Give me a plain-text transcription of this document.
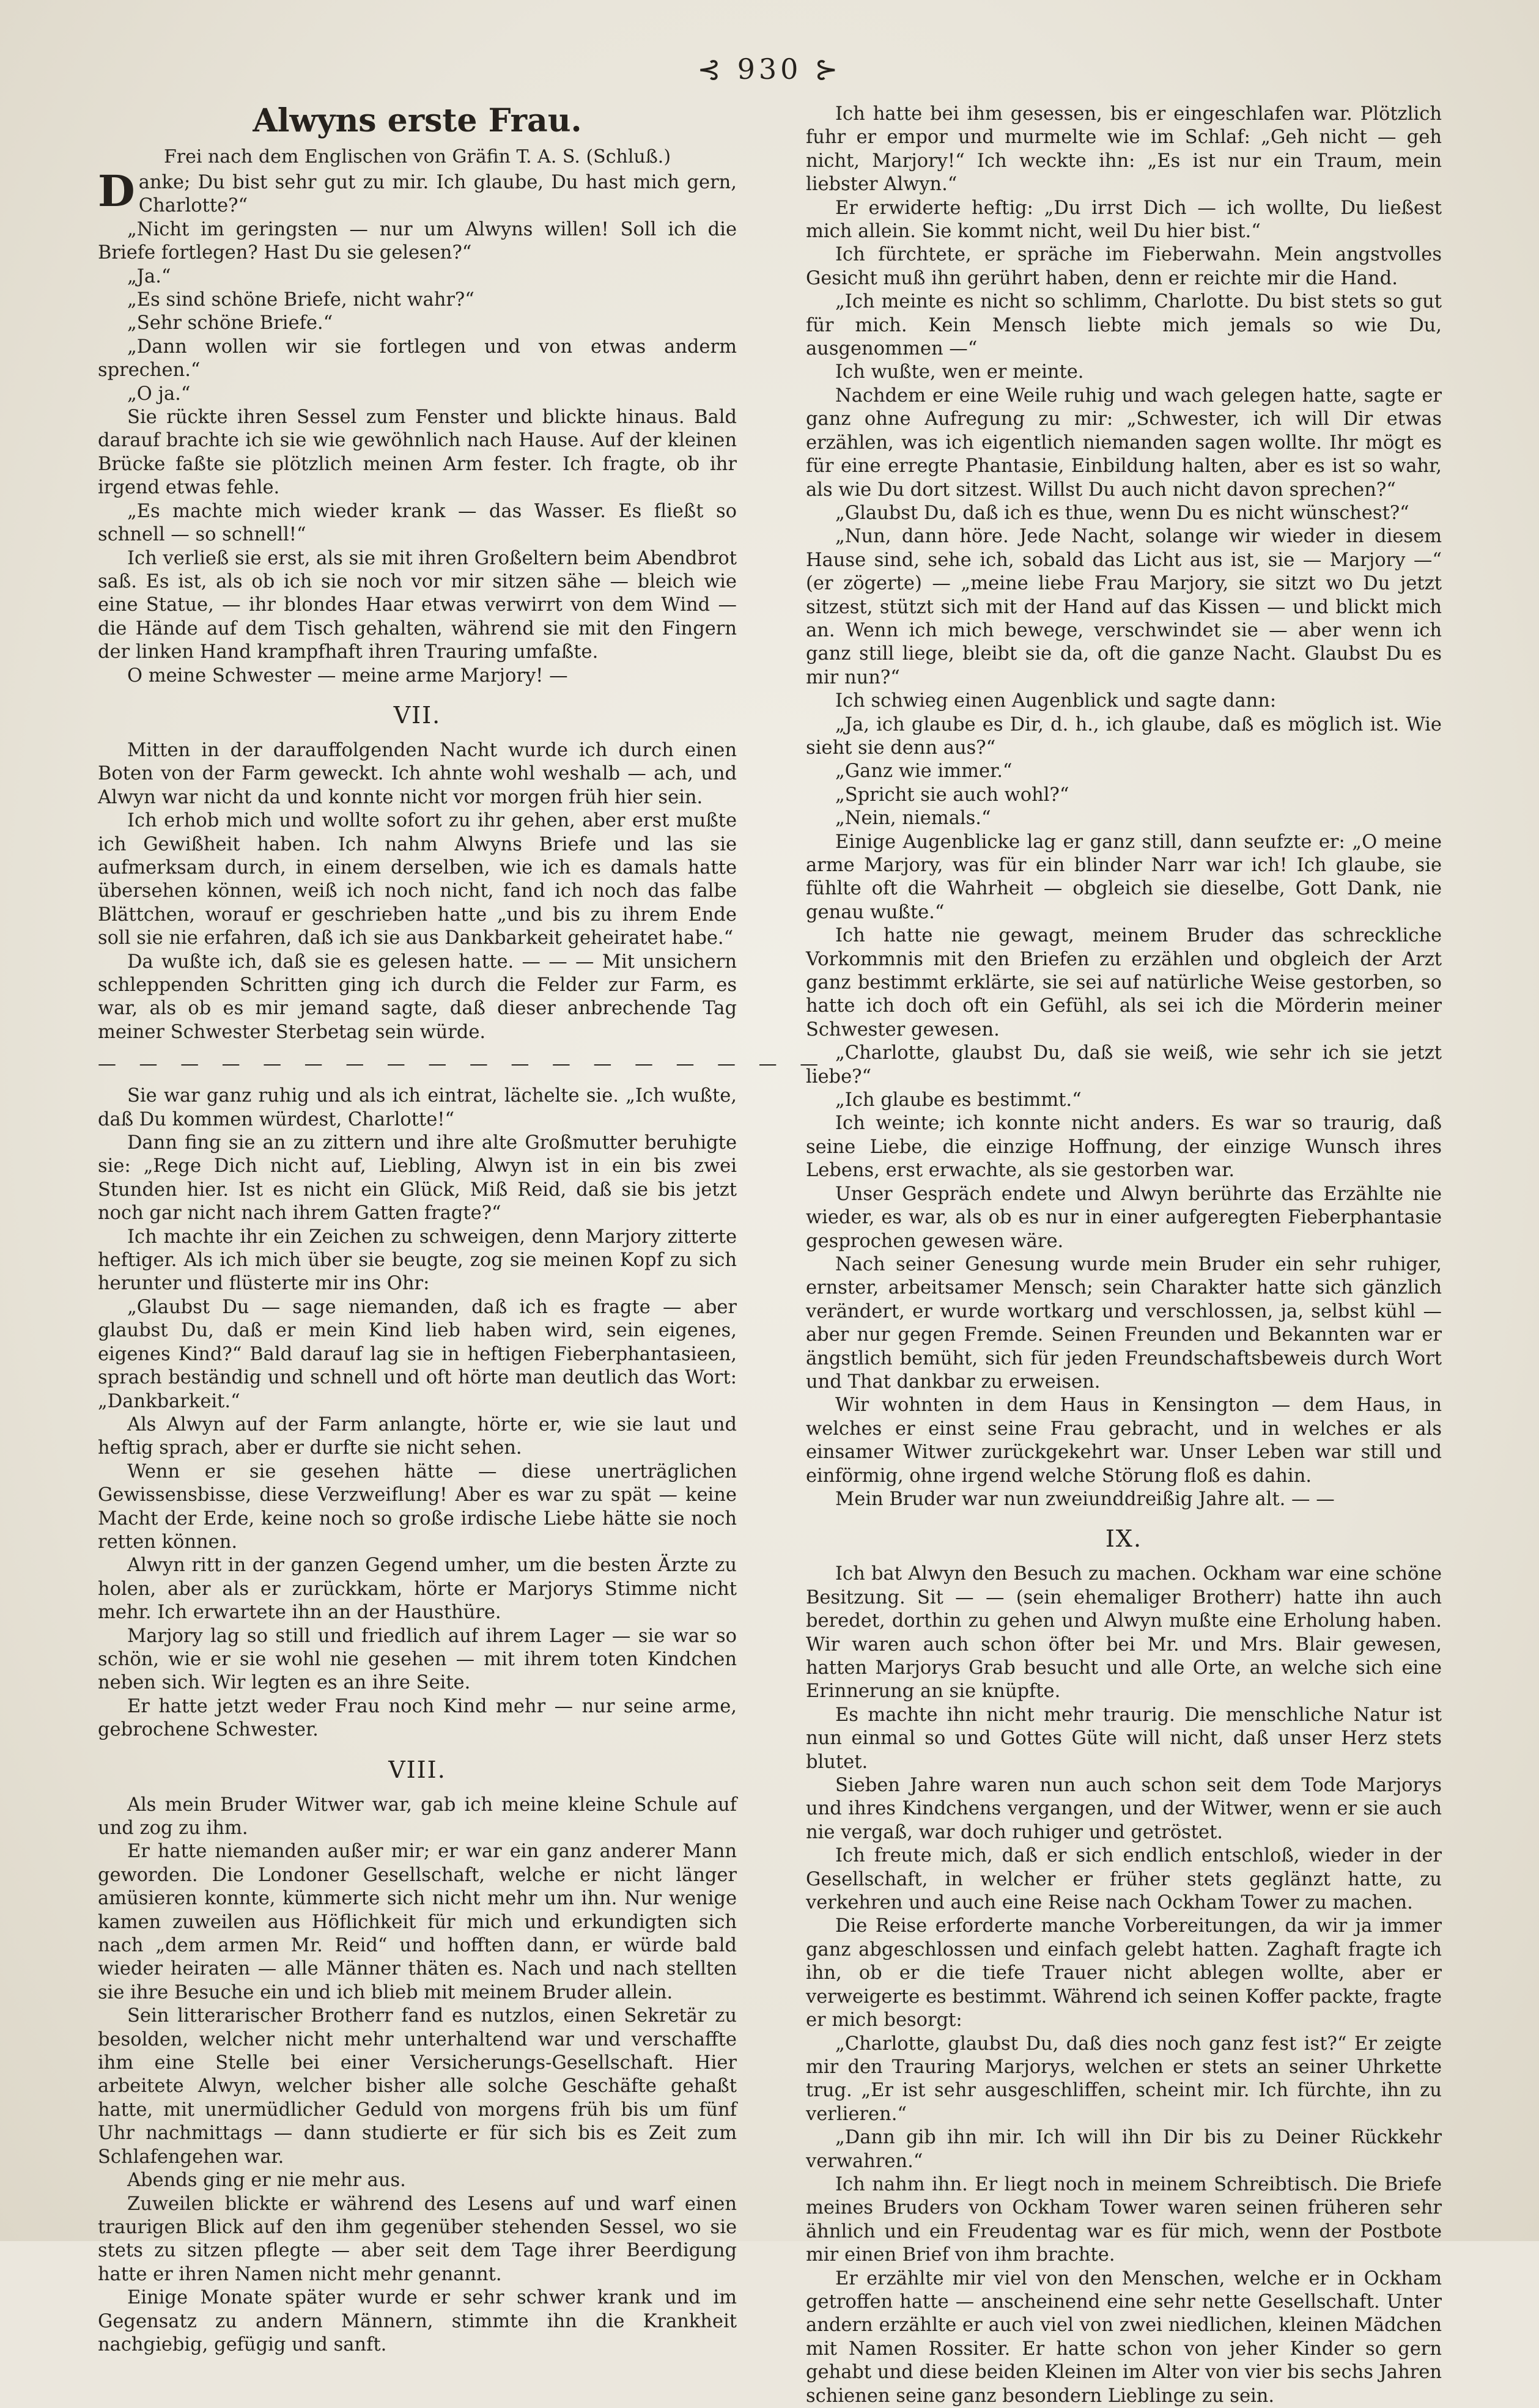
⊰ 930 ⊱
Alwyns erste Frau.
Frei nach dem Englischen von Gräfin T. A. S. (Schluß.)

Danke; Du bist sehr gut zu mir. Ich glaube, Du hast mich gern, Charlotte?“

„Nicht im geringsten — nur um Alwyns willen! Soll ich die Briefe fortlegen? Hast Du sie gelesen?“

„Ja.“

„Es sind schöne Briefe, nicht wahr?“

„Sehr schöne Briefe.“

„Dann wollen wir sie fortlegen und von etwas anderm sprechen.“

„O ja.“

Sie rückte ihren Sessel zum Fenster und blickte hinaus. Bald darauf brachte ich sie wie gewöhnlich nach Hause. Auf der kleinen Brücke faßte sie plötzlich meinen Arm fester. Ich fragte, ob ihr irgend etwas fehle.

„Es machte mich wieder krank — das Wasser. Es fließt so schnell — so schnell!“

Ich verließ sie erst, als sie mit ihren Großeltern beim Abendbrot saß. Es ist, als ob ich sie noch vor mir sitzen sähe — bleich wie eine Statue, — ihr blondes Haar etwas verwirrt von dem Wind — die Hände auf dem Tisch gehalten, während sie mit den Fingern der linken Hand krampfhaft ihren Trauring umfaßte.

O meine Schwester — meine arme Marjory! —

VII.

Mitten in der darauffolgenden Nacht wurde ich durch einen Boten von der Farm geweckt. Ich ahnte wohl weshalb — ach, und Alwyn war nicht da und konnte nicht vor morgen früh hier sein.

Ich erhob mich und wollte sofort zu ihr gehen, aber erst mußte ich Gewißheit haben. Ich nahm Alwyns Briefe und las sie aufmerksam durch, in einem derselben, wie ich es damals hatte übersehen können, weiß ich noch nicht, fand ich noch das falbe Blättchen, worauf er geschrieben hatte „und bis zu ihrem Ende soll sie nie erfahren, daß ich sie aus Dankbarkeit geheiratet habe.“

Da wußte ich, daß sie es gelesen hatte. — — — Mit unsichern schleppenden Schritten ging ich durch die Felder zur Farm, es war, als ob es mir jemand sagte, daß dieser anbrechende Tag meiner Schwester Sterbetag sein würde.

— — — — — — — — — — — — — — — — — —

Sie war ganz ruhig und als ich eintrat, lächelte sie. „Ich wußte, daß Du kommen würdest, Charlotte!“

Dann fing sie an zu zittern und ihre alte Großmutter beruhigte sie: „Rege Dich nicht auf, Liebling, Alwyn ist in ein bis zwei Stunden hier. Ist es nicht ein Glück, Miß Reid, daß sie bis jetzt noch gar nicht nach ihrem Gatten fragte?“

Ich machte ihr ein Zeichen zu schweigen, denn Marjory zitterte heftiger. Als ich mich über sie beugte, zog sie meinen Kopf zu sich herunter und flüsterte mir ins Ohr:

„Glaubst Du — sage niemanden, daß ich es fragte — aber glaubst Du, daß er mein Kind lieb haben wird, sein eigenes, eigenes Kind?“ Bald darauf lag sie in heftigen Fieberphantasieen, sprach beständig und schnell und oft hörte man deutlich das Wort: „Dankbarkeit.“

Als Alwyn auf der Farm anlangte, hörte er, wie sie laut und heftig sprach, aber er durfte sie nicht sehen.

Wenn er sie gesehen hätte — diese unerträglichen Gewissensbisse, diese Verzweiflung! Aber es war zu spät — keine Macht der Erde, keine noch so große irdische Liebe hätte sie noch retten können.

Alwyn ritt in der ganzen Gegend umher, um die besten Ärzte zu holen, aber als er zurückkam, hörte er Marjorys Stimme nicht mehr. Ich erwartete ihn an der Hausthüre.

Marjory lag so still und friedlich auf ihrem Lager — sie war so schön, wie er sie wohl nie gesehen — mit ihrem toten Kindchen neben sich. Wir legten es an ihre Seite.

Er hatte jetzt weder Frau noch Kind mehr — nur seine arme, gebrochene Schwester.

VIII.

Als mein Bruder Witwer war, gab ich meine kleine Schule auf und zog zu ihm.

Er hatte niemanden außer mir; er war ein ganz anderer Mann geworden. Die Londoner Gesellschaft, welche er nicht länger amüsieren konnte, kümmerte sich nicht mehr um ihn. Nur wenige kamen zuweilen aus Höflichkeit für mich und erkundigten sich nach „dem armen Mr. Reid“ und hofften dann, er würde bald wieder heiraten — alle Männer thäten es. Nach und nach stellten sie ihre Besuche ein und ich blieb mit meinem Bruder allein.

Sein litterarischer Brotherr fand es nutzlos, einen Sekretär zu besolden, welcher nicht mehr unterhaltend war und verschaffte ihm eine Stelle bei einer Versicherungs-Gesellschaft. Hier arbeitete Alwyn, welcher bisher alle solche Geschäfte gehaßt hatte, mit unermüdlicher Geduld von morgens früh bis um fünf Uhr nachmittags — dann studierte er für sich bis es Zeit zum Schlafengehen war.

Abends ging er nie mehr aus.

Zuweilen blickte er während des Lesens auf und warf einen traurigen Blick auf den ihm gegenüber stehenden Sessel, wo sie stets zu sitzen pflegte — aber seit dem Tage ihrer Beerdigung hatte er ihren Namen nicht mehr genannt.

Einige Monate später wurde er sehr schwer krank und im Gegensatz zu andern Männern, stimmte ihn die Krankheit nachgiebig, gefügig und sanft.

Ich hatte bei ihm gesessen, bis er eingeschlafen war. Plötzlich fuhr er empor und murmelte wie im Schlaf: „Geh nicht — geh nicht, Marjory!“ Ich weckte ihn: „Es ist nur ein Traum, mein liebster Alwyn.“

Er erwiderte heftig: „Du irrst Dich — ich wollte, Du ließest mich allein. Sie kommt nicht, weil Du hier bist.“

Ich fürchtete, er spräche im Fieberwahn. Mein angstvolles Gesicht muß ihn gerührt haben, denn er reichte mir die Hand.

„Ich meinte es nicht so schlimm, Charlotte. Du bist stets so gut für mich. Kein Mensch liebte mich jemals so wie Du, ausgenommen —“

Ich wußte, wen er meinte.

Nachdem er eine Weile ruhig und wach gelegen hatte, sagte er ganz ohne Aufregung zu mir: „Schwester, ich will Dir etwas erzählen, was ich eigentlich niemanden sagen wollte. Ihr mögt es für eine erregte Phantasie, Einbildung halten, aber es ist so wahr, als wie Du dort sitzest. Willst Du auch nicht davon sprechen?“

„Glaubst Du, daß ich es thue, wenn Du es nicht wünschest?“

„Nun, dann höre. Jede Nacht, solange wir wieder in diesem Hause sind, sehe ich, sobald das Licht aus ist, sie — Marjory —“ (er zögerte) — „meine liebe Frau Marjory, sie sitzt wo Du jetzt sitzest, stützt sich mit der Hand auf das Kissen — und blickt mich an. Wenn ich mich bewege, verschwindet sie — aber wenn ich ganz still liege, bleibt sie da, oft die ganze Nacht. Glaubst Du es mir nun?“

Ich schwieg einen Augenblick und sagte dann:

„Ja, ich glaube es Dir, d. h., ich glaube, daß es möglich ist. Wie sieht sie denn aus?“

„Ganz wie immer.“

„Spricht sie auch wohl?“

„Nein, niemals.“

Einige Augenblicke lag er ganz still, dann seufzte er: „O meine arme Marjory, was für ein blinder Narr war ich! Ich glaube, sie fühlte oft die Wahrheit — obgleich sie dieselbe, Gott Dank, nie genau wußte.“

Ich hatte nie gewagt, meinem Bruder das schreckliche Vorkommnis mit den Briefen zu erzählen und obgleich der Arzt ganz bestimmt erklärte, sie sei auf natürliche Weise gestorben, so hatte ich doch oft ein Gefühl, als sei ich die Mörderin meiner Schwester gewesen.

„Charlotte, glaubst Du, daß sie weiß, wie sehr ich sie jetzt liebe?“

„Ich glaube es bestimmt.“

Ich weinte; ich konnte nicht anders. Es war so traurig, daß seine Liebe, die einzige Hoffnung, der einzige Wunsch ihres Lebens, erst erwachte, als sie gestorben war.

Unser Gespräch endete und Alwyn berührte das Erzählte nie wieder, es war, als ob es nur in einer aufgeregten Fieberphantasie gesprochen gewesen wäre.

Nach seiner Genesung wurde mein Bruder ein sehr ruhiger, ernster, arbeitsamer Mensch; sein Charakter hatte sich gänzlich verändert, er wurde wortkarg und verschlossen, ja, selbst kühl — aber nur gegen Fremde. Seinen Freunden und Bekannten war er ängstlich bemüht, sich für jeden Freundschaftsbeweis durch Wort und That dankbar zu erweisen.

Wir wohnten in dem Haus in Kensington — dem Haus, in welches er einst seine Frau gebracht, und in welches er als einsamer Witwer zurückgekehrt war. Unser Leben war still und einförmig, ohne irgend welche Störung floß es dahin.

Mein Bruder war nun zweiunddreißig Jahre alt. — —

IX.

Ich bat Alwyn den Besuch zu machen. Ockham war eine schöne Besitzung. Sit — — (sein ehemaliger Brotherr) hatte ihn auch beredet, dorthin zu gehen und Alwyn mußte eine Erholung haben. Wir waren auch schon öfter bei Mr. und Mrs. Blair gewesen, hatten Marjorys Grab besucht und alle Orte, an welche sich eine Erinnerung an sie knüpfte.

Es machte ihn nicht mehr traurig. Die menschliche Natur ist nun einmal so und Gottes Güte will nicht, daß unser Herz stets blutet.

Sieben Jahre waren nun auch schon seit dem Tode Marjorys und ihres Kindchens vergangen, und der Witwer, wenn er sie auch nie vergaß, war doch ruhiger und getröstet.

Ich freute mich, daß er sich endlich entschloß, wieder in der Gesellschaft, in welcher er früher stets geglänzt hatte, zu verkehren und auch eine Reise nach Ockham Tower zu machen.

Die Reise erforderte manche Vorbereitungen, da wir ja immer ganz abgeschlossen und einfach gelebt hatten. Zaghaft fragte ich ihn, ob er die tiefe Trauer nicht ablegen wollte, aber er verweigerte es bestimmt. Während ich seinen Koffer packte, fragte er mich besorgt:

„Charlotte, glaubst Du, daß dies noch ganz fest ist?“ Er zeigte mir den Trauring Marjorys, welchen er stets an seiner Uhrkette trug. „Er ist sehr ausgeschliffen, scheint mir. Ich fürchte, ihn zu verlieren.“

„Dann gib ihn mir. Ich will ihn Dir bis zu Deiner Rückkehr verwahren.“

Ich nahm ihn. Er liegt noch in meinem Schreibtisch. Die Briefe meines Bruders von Ockham Tower waren seinen früheren sehr ähnlich und ein Freudentag war es für mich, wenn der Postbote mir einen Brief von ihm brachte.

Er erzählte mir viel von den Menschen, welche er in Ockham getroffen hatte — anscheinend eine sehr nette Gesellschaft. Unter andern erzählte er auch viel von zwei niedlichen, kleinen Mädchen mit Namen Rossiter. Er hatte schon von jeher Kinder so gern gehabt und diese beiden Kleinen im Alter von vier bis sechs Jahren schienen seine ganz besondern Lieblinge zu sein.
